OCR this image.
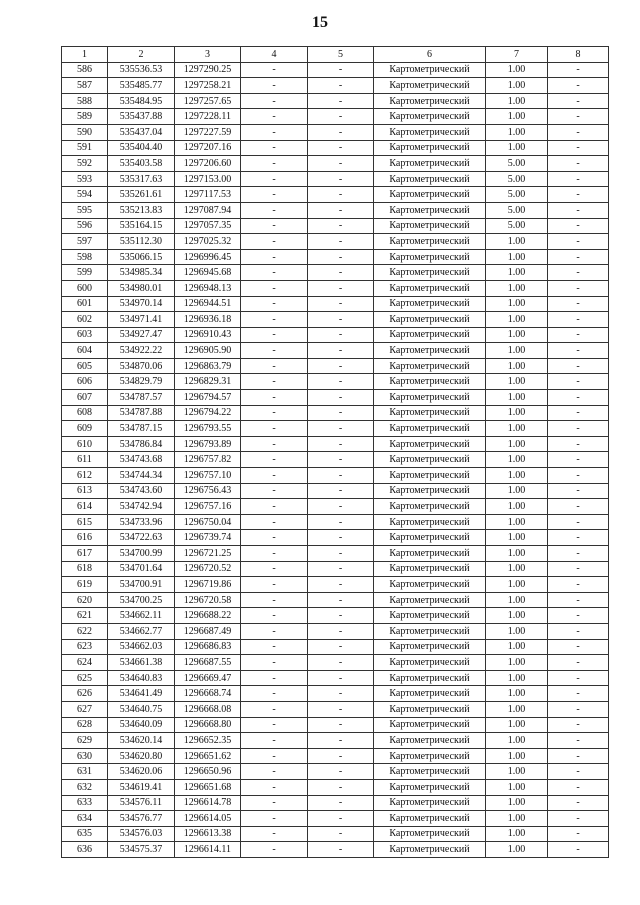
15
1	2	3	4	5	6	7	8
586	535536.53	1297290.25	-	-	Картометрический	1.00	-
587	535485.77	1297258.21	-	-	Картометрический	1.00	-
588	535484.95	1297257.65	-	-	Картометрический	1.00	-
589	535437.88	1297228.11	-	-	Картометрический	1.00	-
590	535437.04	1297227.59	-	-	Картометрический	1.00	-
591	535404.40	1297207.16	-	-	Картометрический	1.00	-
592	535403.58	1297206.60	-	-	Картометрический	5.00	-
593	535317.63	1297153.00	-	-	Картометрический	5.00	-
594	535261.61	1297117.53	-	-	Картометрический	5.00	-
595	535213.83	1297087.94	-	-	Картометрический	5.00	-
596	535164.15	1297057.35	-	-	Картометрический	5.00	-
597	535112.30	1297025.32	-	-	Картометрический	1.00	-
598	535066.15	1296996.45	-	-	Картометрический	1.00	-
599	534985.34	1296945.68	-	-	Картометрический	1.00	-
600	534980.01	1296948.13	-	-	Картометрический	1.00	-
601	534970.14	1296944.51	-	-	Картометрический	1.00	-
602	534971.41	1296936.18	-	-	Картометрический	1.00	-
603	534927.47	1296910.43	-	-	Картометрический	1.00	-
604	534922.22	1296905.90	-	-	Картометрический	1.00	-
605	534870.06	1296863.79	-	-	Картометрический	1.00	-
606	534829.79	1296829.31	-	-	Картометрический	1.00	-
607	534787.57	1296794.57	-	-	Картометрический	1.00	-
608	534787.88	1296794.22	-	-	Картометрический	1.00	-
609	534787.15	1296793.55	-	-	Картометрический	1.00	-
610	534786.84	1296793.89	-	-	Картометрический	1.00	-
611	534743.68	1296757.82	-	-	Картометрический	1.00	-
612	534744.34	1296757.10	-	-	Картометрический	1.00	-
613	534743.60	1296756.43	-	-	Картометрический	1.00	-
614	534742.94	1296757.16	-	-	Картометрический	1.00	-
615	534733.96	1296750.04	-	-	Картометрический	1.00	-
616	534722.63	1296739.74	-	-	Картометрический	1.00	-
617	534700.99	1296721.25	-	-	Картометрический	1.00	-
618	534701.64	1296720.52	-	-	Картометрический	1.00	-
619	534700.91	1296719.86	-	-	Картометрический	1.00	-
620	534700.25	1296720.58	-	-	Картометрический	1.00	-
621	534662.11	1296688.22	-	-	Картометрический	1.00	-
622	534662.77	1296687.49	-	-	Картометрический	1.00	-
623	534662.03	1296686.83	-	-	Картометрический	1.00	-
624	534661.38	1296687.55	-	-	Картометрический	1.00	-
625	534640.83	1296669.47	-	-	Картометрический	1.00	-
626	534641.49	1296668.74	-	-	Картометрический	1.00	-
627	534640.75	1296668.08	-	-	Картометрический	1.00	-
628	534640.09	1296668.80	-	-	Картометрический	1.00	-
629	534620.14	1296652.35	-	-	Картометрический	1.00	-
630	534620.80	1296651.62	-	-	Картометрический	1.00	-
631	534620.06	1296650.96	-	-	Картометрический	1.00	-
632	534619.41	1296651.68	-	-	Картометрический	1.00	-
633	534576.11	1296614.78	-	-	Картометрический	1.00	-
634	534576.77	1296614.05	-	-	Картометрический	1.00	-
635	534576.03	1296613.38	-	-	Картометрический	1.00	-
636	534575.37	1296614.11	-	-	Картометрический	1.00	-
